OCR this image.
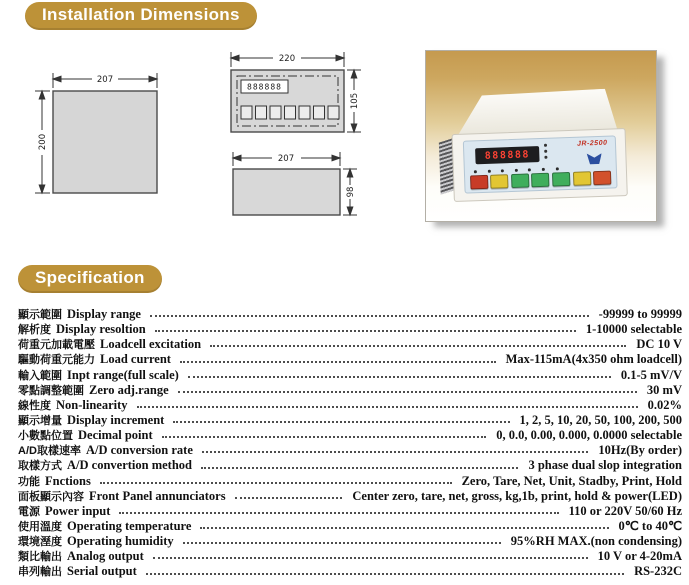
Installation Dimensions
207
200
888888
220
105
207
98
888888
JR-2500
Specification
顯示範圍 Display range	-99999 to 99999
解析度 Display resoltion	1-10000 selectable
荷重元加載電壓 Loadcell excitation	DC 10 V
驅動荷重元能力 Load current	Max-115mA(4x350 ohm loadcell)
輸入範圍 Inpt range(full scale)	0.1-5 mV/V
零點調整範圍 Zero adj.range	30 mV
線性度 Non-linearity	0.02%
顯示增量 Display increment	1, 2, 5, 10, 20, 50, 100, 200, 500
小數點位置 Decimal point	0, 0.0, 0.00, 0.000, 0.0000 selectable
A/D取樣速率 A/D conversion rate	10Hz(By order)
取樣方式 A/D convertion method	3 phase dual slop integration
功能 Fnctions	Zero, Tare, Net, Unit, Stadby, Print, Hold
面板顯示內容 Front Panel annunciators	Center zero, tare, net, gross, kg,1b, print, hold & power(LED)
電源 Power input	110 or 220V 50/60 Hz
使用溫度 Operating temperature	0℃ to 40℃
環境溼度 Operating humidity	95%RH MAX.(non condensing)
類比輸出 Analog output	10 V or 4-20mA
串列輸出 Serial output	RS-232C
